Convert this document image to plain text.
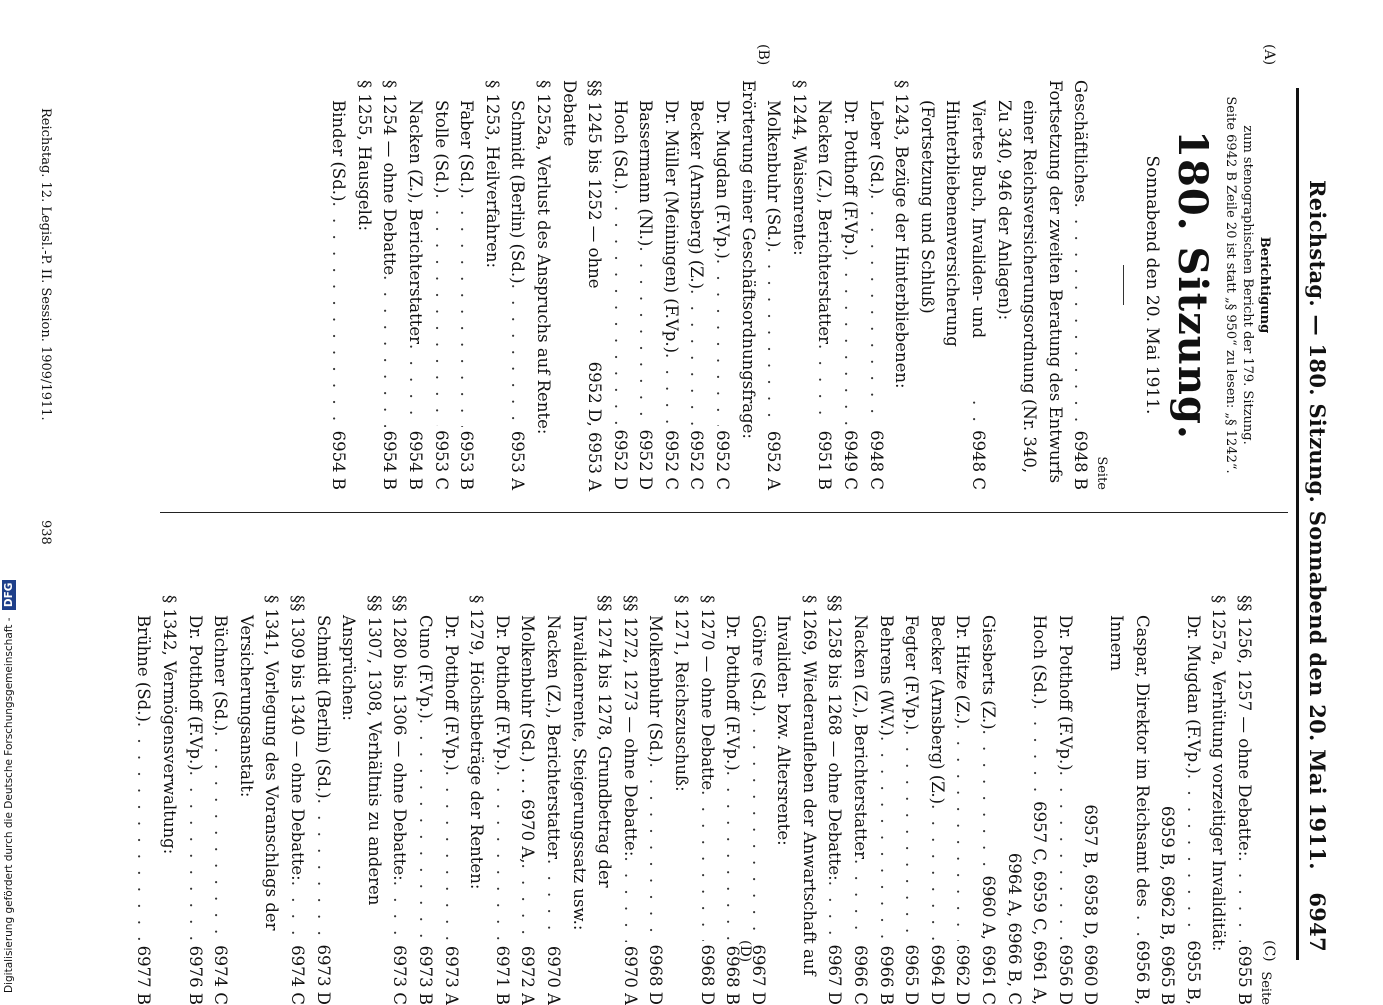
Reichstag. — 180. Sitzung. Sonnabend den 20. Mai 1911.
6947
(A)
(B)
(C)
(D)
Berichtigung
zum stenographischen Bericht der 179. Sitzung.
Seite 6942 B Zeile 20 ist statt „§ 950“ zu lesen: „§ 1242“.
180. Sitzung.
Sonnabend den 20. Mai 1911.
Seite
Geschäftliches
. . .
6948 B
Fortsetzung der zweiten Beratung des Entwurfs einer Reichsversicherungsordnung (Nr. 340, Zu 340, 946 der Anlagen):
Viertes Buch, Invaliden- und Hinterbliebenenversicherung (Fortsetzung und Schluß)
. . .
6948 C
§ 1243, Bezüge der Hinterbliebenen:
Leber (Sd.)
. . .
6948 C
Dr. Potthoff (F.Vp.)
. . .
6949 C
Nacken (Z.), Berichterstatter
. . .
6951 B
§ 1244, Waisenrente:
Molkenbuhr (Sd.)
. . .
6952 A
Erörterung einer Geschäftsordnungsfrage:
Dr. Mugdan (F.Vp.)
. . .
6952 C
Becker (Arnsberg) (Z.)
. . .
6952 C
Dr. Müller (Meiningen) (F.Vp.)
. . .
6952 C
Bassermann (Nl.)
. . .
6952 D
Hoch (Sd.)
. . .
6952 D
§§ 1245 bis 1252 — ohne Debatte
6952 D, 6953 A
§ 1252a, Verlust des Anspruchs auf Rente:
Schmidt (Berlin) (Sd.)
. . .
6953 A
§ 1253, Heilverfahren:
Faber (Sd.)
. . .
6953 B
Stolle (Sd.)
. . .
6953 C
Nacken (Z.), Berichterstatter
. . .
6954 B
§ 1254 — ohne Debatte
. . .
6954 B
§ 1255, Hausgeld:
Binder (Sd.)
. . .
6954 B
Seite
§§ 1256, 1257 — ohne Debatte:
. . .
6955 B
§ 1257a, Verhütung vorzeitiger Invalidität:
Dr. Mugdan (F.Vp.)
. . .
6955 B,
6959 B, 6962 B, 6965 B
Caspar, Direktor im Reichsamt des Innern
. . .
6956 B,
6957 B, 6958 D, 6960 D
Dr. Potthoff (F.Vp.)
. . .
6956 D
Hoch (Sd.)
. . .
6957 C, 6959 C, 6961 A,
6964 A, 6966 B, C
Giesberts (Z.)
. . .
6960 A, 6961 C
Dr. Hitze (Z.)
. . .
6962 D
Becker (Arnsberg) (Z.)
. . .
6964 D
Fegter (F.Vp.)
. . .
6965 D
Behrens (W.V.)
. . .
6966 B
Nacken (Z.), Berichterstatter
. . .
6966 C
§§ 1258 bis 1268 — ohne Debatte:
. . .
6967 D
§ 1269, Wiederaufleben der Anwartschaft auf Invaliden- bzw. Altersrente:
Göhre (Sd.)
. . .
6967 D
Dr. Potthoff (F.Vp.)
. . .
6968 B
§ 1270 — ohne Debatte
. . .
6968 D
§ 1271, Reichszuschuß:
Molkenbuhr (Sd.)
. . .
6968 D
§§ 1272, 1273 — ohne Debatte:
. . .
6970 A
§§ 1274 bis 1278, Grundbetrag der Invalidenrente, Steigerungssatz usw.:
Nacken (Z.), Berichterstatter
. . .
6970 A
Molkenbuhr (Sd.) . . . 6970 A,
. . .
6972 A
Dr. Potthoff (F.Vp.)
. . .
6971 B
§ 1279, Höchstbeträge der Renten:
Dr. Potthoff (F.Vp.)
. . .
6973 A
Cuno (F.Vp.)
. . .
6973 B
§§ 1280 bis 1306 — ohne Debatte:
. . .
6973 C
§§ 1307, 1308, Verhältnis zu anderen Ansprüchen:
Schmidt (Berlin) (Sd.)
. . .
6973 D
§§ 1309 bis 1340 — ohne Debatte:
. . .
6974 C
§ 1341, Vorlegung des Voranschlags der Versicherungsanstalt:
Büchner (Sd.)
. . .
6974 C
Dr. Potthoff (F.Vp.)
. . .
6976 B
§ 1342, Vermögensverwaltung:
Brühne (Sd.)
. . .
6977 B
Reichstag. 12. Legisl.-P. II. Session. 1909/1911.
938
Digitalisierung gefördert durch die Deutsche Forschungsgemeinschaft - DFG
